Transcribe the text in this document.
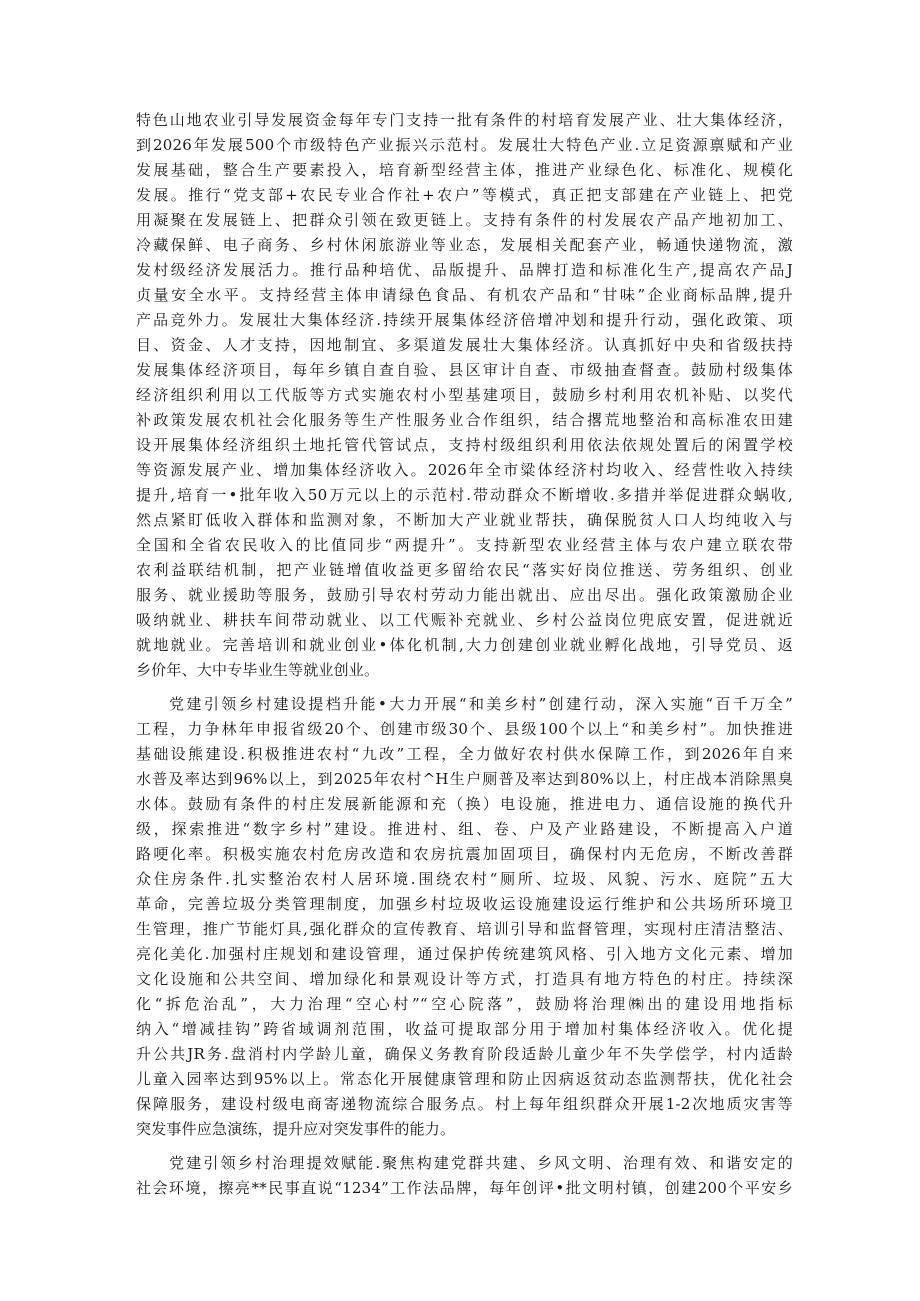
特色山地农业引导发展资金每年专门支持一批有条件的村培育发展产业、壮大集体经济，
到2026年发展500个市级特色产业振兴示范村。发展壮大特色产业.立足资源禀赋和产业
发展基础，整合生产要素投入，培育新型经营主体，推进产业绿色化、标准化、规模化
发展。推行“党支部+农民专业合作社+农户”等模式，真正把支部建在产业链上、把党
用凝聚在发展链上、把群众引领在致更链上。支持有条件的村发展农产品产地初加工、
冷藏保鲜、电子商务、乡村休闲旅游业等业态，发展相关配套产业，畅通快递物流，激
发村级经济发展活力。推行品种培优、品版提升、品牌打造和标准化生产,提高农产品J
贞量安全水平。支持经营主体申请绿色食品、有机农产品和“甘味”企业商标品牌,提升
产品竞外力。发展壮大集体经济.持续开展集体经济倍增冲划和提升行动，强化政策、项
目、资金、人才支持，因地制宜、多渠道发展壮大集体经济。认真抓好中央和省级扶持
发展集体经济项目，每年乡镇自查自验、县区审计自查、市级抽查督查。鼓励村级集体
经济组织利用以工代版等方式实施农村小型基建项目，鼓励乡村利用农机补贴、以奖代
补政策发展农机社会化服务等生产性服务业合作组织，结合撂荒地整治和高标准农田建
设开展集体经济组织土地托管代管试点，支持村级组织利用依法依规处置后的闲置学校
等资源发展产业、增加集体经济收入。2026年全市粱体经济村均收入、经营性收入持续
提升,培育一•批年收入50万元以上的示范村.带动群众不断增收.多措并举促进群众蜗收,
然点紧盯低收入群体和监测对象，不断加大产业就业帮扶，确保脱贫人口人均纯收入与
全国和全省农民收入的比值同步“两提升”。支持新型农业经营主体与农户建立联农带
农利益联结机制，把产业链增值收益更多留给农民“落实好岗位推送、劳务组织、创业
服务、就业援助等服务，鼓励引导农村劳动力能出就出、应出尽出。强化政策激励企业
吸纳就业、耕扶车间带动就业、以工代赈补充就业、乡村公益岗位兜底安置，促进就近
就地就业。完善培训和就业创业•体化机制,大力创建创业就业孵化战地，引导党员、返
乡价年、大中专毕业生等就业创业。
党建引领乡村建设提档升能•大力开展“和美乡村”创建行动，深入实施“百千万全”
工程，力争林年申报省级20个、创建市级30个、县级100个以上“和美乡村”。加快推进
基础设熊建设.积极推进农村“九改”工程，全力做好农村供水保障工作，到2026年自来
水普及率达到96%以上，到2025年农村^H生户厕普及率达到80%以上，村庄战本消除黑臭
水体。鼓励有条件的村庄发展新能源和充（换）电设施，推进电力、通信设施的换代升
级，探索推进“数字乡村”建设。推进村、组、卷、户及产业路建设，不断提高入户道
路哽化率。积极实施农村危房改造和农房抗震加固项目，确保村内无危房，不断改善群
众住房条件.扎实整治农村人居环境.围绕农村“厕所、垃圾、风貌、污水、庭院”五大
革命，完善垃圾分类管理制度，加强乡村垃圾收运设施建设运行维护和公共场所环境卫
生管理，推广节能灯具,强化群众的宣传教育、培训引导和监督管理，实现村庄清洁整洁、
亮化美化.加强村庄规划和建设管理，通过保护传统建筑风格、引入地方文化元素、增加
文化设施和公共空间、增加绿化和景观设计等方式，打造具有地方特色的村庄。持续深
化“拆危治乱”，大力治理“空心村”“空心院落”，鼓励将治理㈱出的建设用地指标
纳入“增减挂钩”跨省域调剂范围，收益可提取部分用于增加村集体经济收入。优化提
升公共JR务.盘消村内学龄儿童，确保义务教育阶段适龄儿童少年不失学偿学，村内适龄
儿童入园率达到95%以上。常态化开展健康管理和防止因病返贫动态监测帮扶，优化社会
保障服务，建设村级电商寄递物流综合服务点。村上每年组织群众开展1-2次地质灾害等
突发事件应急演练，提升应对突发事件的能力。
党建引领乡村治理提效赋能.聚焦构建党群共建、乡风文明、治理有效、和谐安定的
社会环境，擦亮**民事直说“1234”工作法品牌，每年创评•批文明村镇，创建200个平安乡
